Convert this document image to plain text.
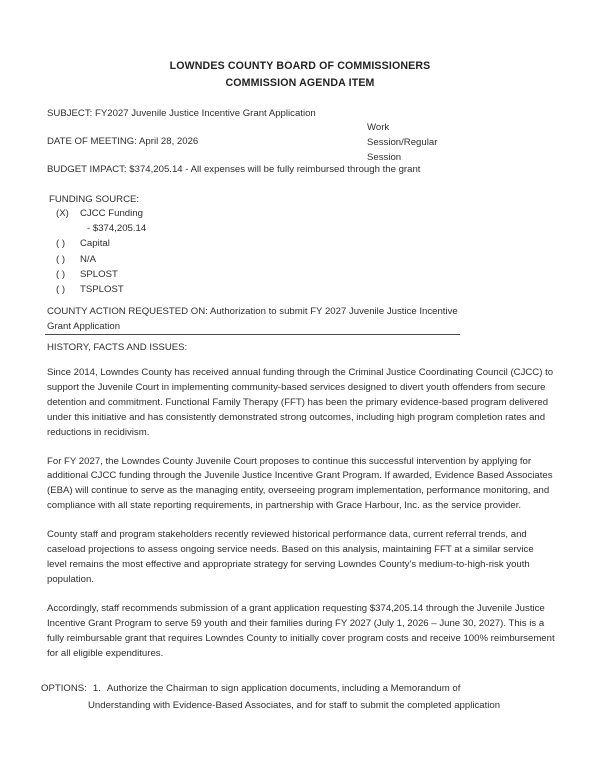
LOWNDES COUNTY BOARD OF COMMISSIONERS
COMMISSION AGENDA ITEM
SUBJECT: FY2027 Juvenile Justice Incentive Grant Application
DATE OF MEETING: April 28, 2026
Work
Session/Regular
Session
BUDGET IMPACT: $374,205.14 - All expenses will be fully reimbursed through the grant
FUNDING SOURCE:
(X)	CJCC Funding
- $374,205.14
( )	Capital
( )	N/A
( )	SPLOST
( )	TSPLOST
COUNTY ACTION REQUESTED ON: Authorization to submit FY 2027 Juvenile Justice Incentive Grant Application
HISTORY, FACTS AND ISSUES:

Since 2014, Lowndes County has received annual funding through the Criminal Justice Coordinating Council (CJCC) to support the Juvenile Court in implementing community-based services designed to divert youth offenders from secure detention and commitment. Functional Family Therapy (FFT) has been the primary evidence-based program delivered under this initiative and has consistently demonstrated strong outcomes, including high program completion rates and reductions in recidivism.

For FY 2027, the Lowndes County Juvenile Court proposes to continue this successful intervention by applying for additional CJCC funding through the Juvenile Justice Incentive Grant Program. If awarded, Evidence Based Associates (EBA) will continue to serve as the managing entity, overseeing program implementation, performance monitoring, and compliance with all state reporting requirements, in partnership with Grace Harbour, Inc. as the service provider.

County staff and program stakeholders recently reviewed historical performance data, current referral trends, and caseload projections to assess ongoing service needs. Based on this analysis, maintaining FFT at a similar service level remains the most effective and appropriate strategy for serving Lowndes County’s medium-to-high-risk youth population.

Accordingly, staff recommends submission of a grant application requesting $374,205.14 through the Juvenile Justice Incentive Grant Program to serve 59 youth and their families during FY 2027 (July 1, 2026 – June 30, 2027). This is a fully reimbursable grant that requires Lowndes County to initially cover program costs and receive 100% reimbursement for all eligible expenditures.

OPTIONS: 1. Authorize the Chairman to sign application documents, including a Memorandum of
Understanding with Evidence-Based Associates, and for staff to submit the completed application
